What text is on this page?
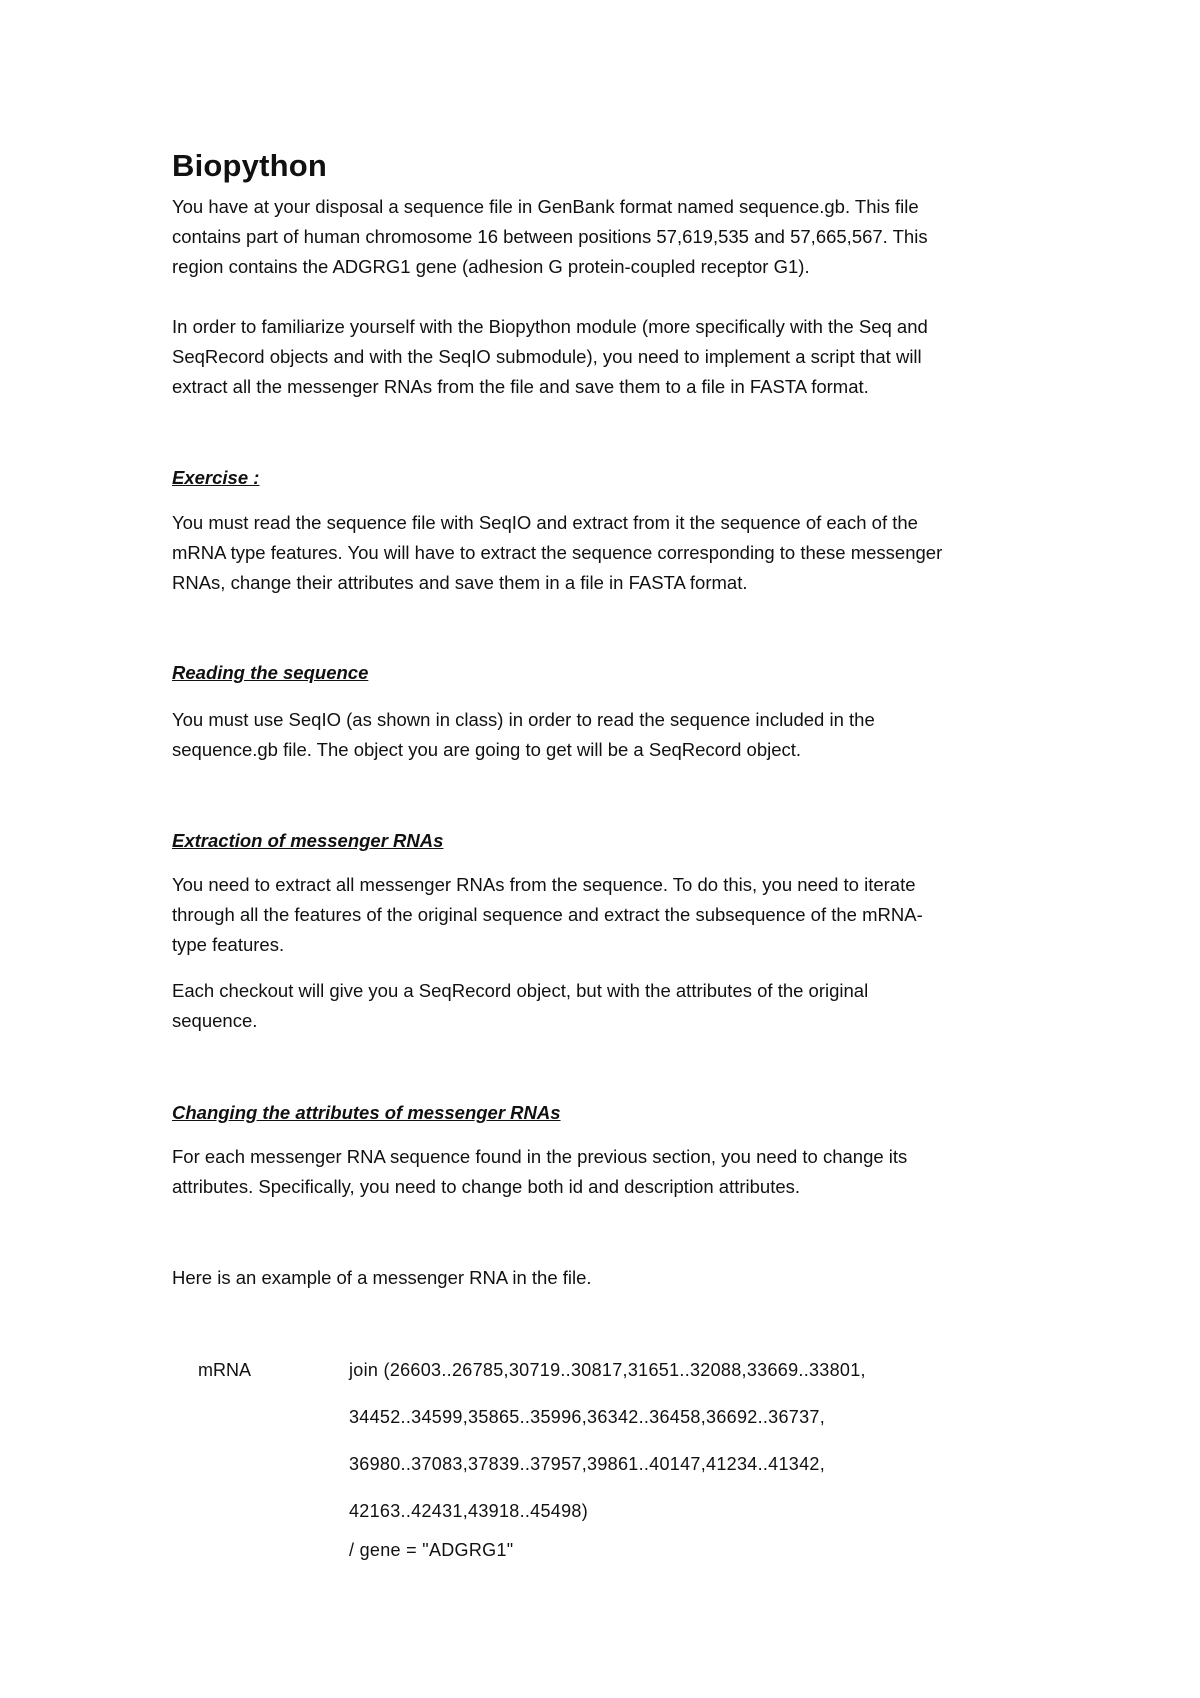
Biopython
You have at your disposal a sequence file in GenBank format named sequence.gb. This file
contains part of human chromosome 16 between positions 57,619,535 and 57,665,567. This
region contains the ADGRG1 gene (adhesion G protein-coupled receptor G1).
In order to familiarize yourself with the Biopython module (more specifically with the Seq and
SeqRecord objects and with the SeqIO submodule), you need to implement a script that will
extract all the messenger RNAs from the file and save them to a file in FASTA format.
Exercise :
You must read the sequence file with SeqIO and extract from it the sequence of each of the
mRNA type features. You will have to extract the sequence corresponding to these messenger
RNAs, change their attributes and save them in a file in FASTA format.
Reading the sequence
You must use SeqIO (as shown in class) in order to read the sequence included in the
sequence.gb file. The object you are going to get will be a SeqRecord object.
Extraction of messenger RNAs
You need to extract all messenger RNAs from the sequence. To do this, you need to iterate
through all the features of the original sequence and extract the subsequence of the mRNA-
type features.
Each checkout will give you a SeqRecord object, but with the attributes of the original
sequence.
Changing the attributes of messenger RNAs
For each messenger RNA sequence found in the previous section, you need to change its
attributes. Specifically, you need to change both id and description attributes.
Here is an example of a messenger RNA in the file.
mRNA	join (26603..26785,30719..30817,31651..32088,33669..33801,
34452..34599,35865..35996,36342..36458,36692..36737,
36980..37083,37839..37957,39861..40147,41234..41342,
42163..42431,43918..45498)
/ gene = "ADGRG1"
